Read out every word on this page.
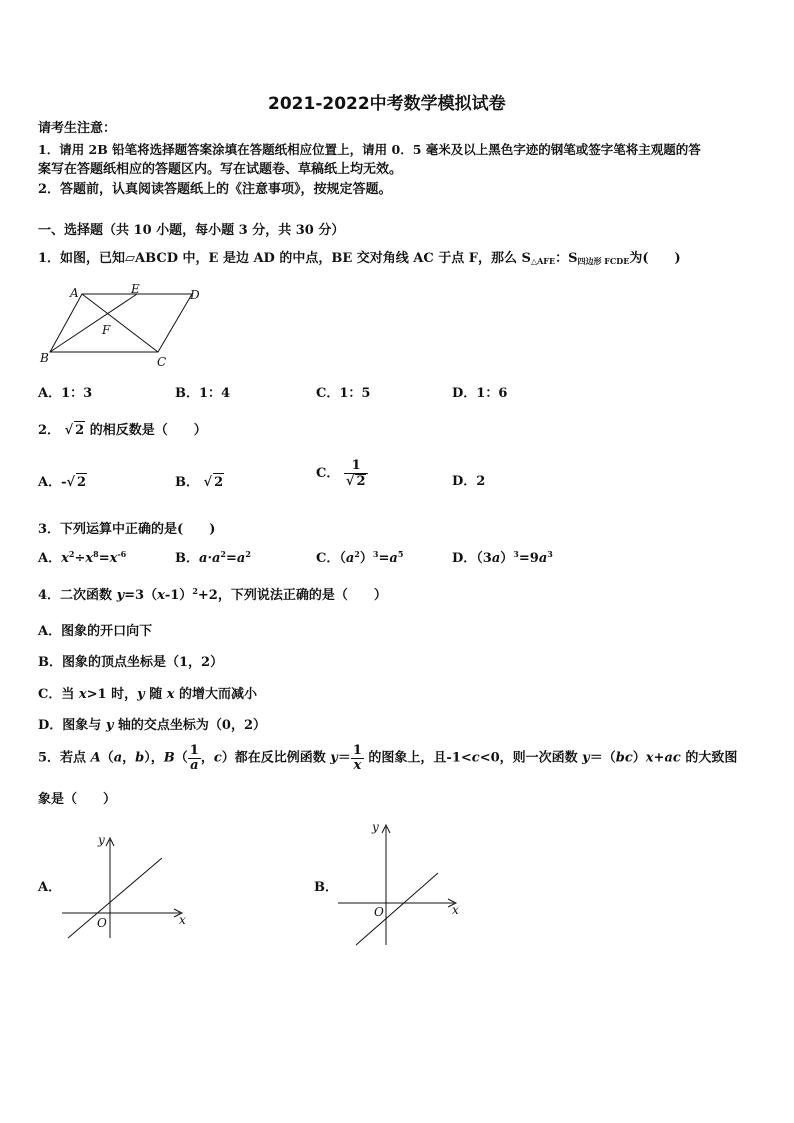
2021-2022中考数学模拟试卷
请考生注意：
1．请用 2B 铅笔将选择题答案涂填在答题纸相应位置上，请用 0．5 毫米及以上黑色字迹的钢笔或签字笔将主观题的答
案写在答题纸相应的答题区内。写在试题卷、草稿纸上均无效。
2．答题前，认真阅读答题纸上的《注意事项》，按规定答题。
一、选择题（共 10 小题，每小题 3 分，共 30 分）
1．如图，已知▱ABCD 中，E 是边 AD 的中点，BE 交对角线 AC 于点 F，那么 $S_{\triangle AFE}$：$S_{四边形 FCDE}$为(　　)
A	E	D
F
B	C
A．1：3	B．1：4	C．1：5	D．1：6
2． √ 2 的相反数是（　　）
A．-√ 2	B． √ 2
C． $\frac{1}{√ 2}$	D．2
3．下列运算中正确的是(　　)
A．$x^2\div x^8=x^{-6}$	B．$a\cdot a^2=a^2$	C．$(a^2)^3=a^5$	D．$(3a)^3=9a^3$
4．二次函数 $y=3(x-1)^2+2$，下列说法正确的是（　　）
A．图象的开口向下
B．图象的顶点坐标是（1，2）
C．当 x>1 时，y 随 x 的增大而减小
D．图象与 y 轴的交点坐标为（0，2）
5．若点 A（a，b），$B( \frac{1}{a}$ ，c）都在反比例函数 $y= \frac{1}{x}$ 的图象上，且-1<c<0，则一次函数 y＝（bc）x+ac 的大致图
象是（　　）
A．
x
y
O
B．
x
y
O
